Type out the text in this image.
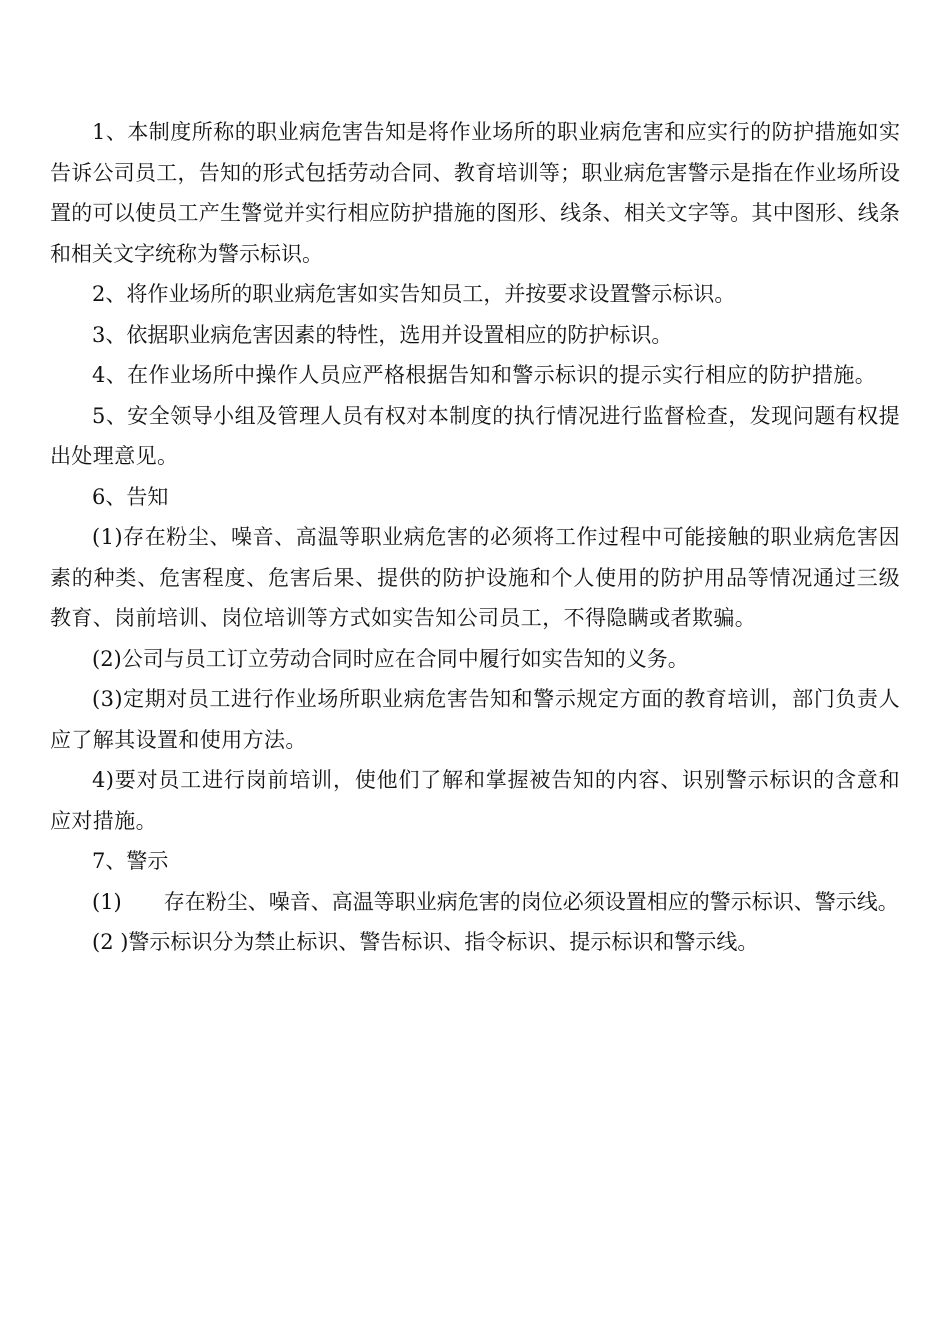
1、本制度所称的职业病危害告知是将作业场所的职业病危害和应实行的防护措施如实告诉公司员工，告知的形式包括劳动合同、教育培训等；职业病危害警示是指在作业场所设置的可以使员工产生警觉并实行相应防护措施的图形、线条、相关文字等。其中图形、线条和相关文字统称为警示标识。

2、将作业场所的职业病危害如实告知员工，并按要求设置警示标识。

3、依据职业病危害因素的特性，选用并设置相应的防护标识。

4、在作业场所中操作人员应严格根据告知和警示标识的提示实行相应的防护措施。

5、安全领导小组及管理人员有权对本制度的执行情况进行监督检查，发现问题有权提出处理意见。

6、告知

(1)存在粉尘、噪音、高温等职业病危害的必须将工作过程中可能接触的职业病危害因素的种类、危害程度、危害后果、提供的防护设施和个人使用的防护用品等情况通过三级教育、岗前培训、岗位培训等方式如实告知公司员工，不得隐瞒或者欺骗。

(2)公司与员工订立劳动合同时应在合同中履行如实告知的义务。

(3)定期对员工进行作业场所职业病危害告知和警示规定方面的教育培训，部门负责人应了解其设置和使用方法。

4)要对员工进行岗前培训，使他们了解和掌握被告知的内容、识别警示标识的含意和应对措施。

7、警示

(1)　　存在粉尘、噪音、高温等职业病危害的岗位必须设置相应的警示标识、警示线。

(2 )警示标识分为禁止标识、警告标识、指令标识、提示标识和警示线。
